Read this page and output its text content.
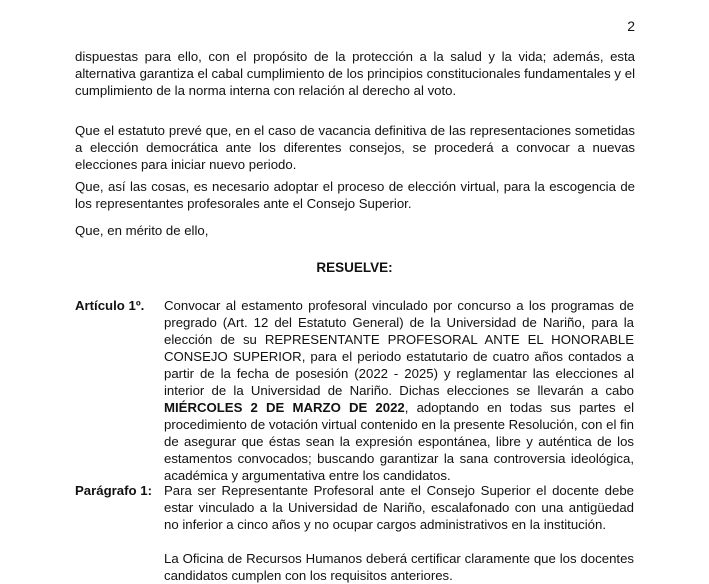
2
dispuestas para ello, con el propósito de la protección a la salud y la vida; además, esta alternativa garantiza el cabal cumplimiento de los principios constitucionales fundamentales y el cumplimiento de la norma interna con relación al derecho al voto.
Que el estatuto prevé que, en el caso de vacancia definitiva de las representaciones sometidas a elección democrática ante los diferentes consejos, se procederá a convocar a nuevas elecciones para iniciar nuevo periodo.
Que, así las cosas, es necesario adoptar el proceso de elección virtual, para la escogencia de los representantes profesorales ante el Consejo Superior.
Que, en mérito de ello,
RESUELVE:
Artículo 1º.	Convocar al estamento profesoral vinculado por concurso a los programas de pregrado (Art. 12 del Estatuto General) de la Universidad de Nariño, para la elección de su REPRESENTANTE PROFESORAL ANTE EL HONORABLE CONSEJO SUPERIOR, para el periodo estatutario de cuatro años contados a partir de la fecha de posesión (2022 - 2025) y reglamentar las elecciones al interior de la Universidad de Nariño. Dichas elecciones se llevarán a cabo MIÉRCOLES 2 DE MARZO DE 2022, adoptando en todas sus partes el procedimiento de votación virtual contenido en la presente Resolución, con el fin de asegurar que éstas sean la expresión espontánea, libre y auténtica de los estamentos convocados; buscando garantizar la sana controversia ideológica, académica y argumentativa entre los candidatos.
Parágrafo 1: Para ser Representante Profesoral ante el Consejo Superior el docente debe estar vinculado a la Universidad de Nariño, escalafonado con una antigüedad no inferior a cinco años y no ocupar cargos administrativos en la institución.
La Oficina de Recursos Humanos deberá certificar claramente que los docentes candidatos cumplen con los requisitos anteriores.
